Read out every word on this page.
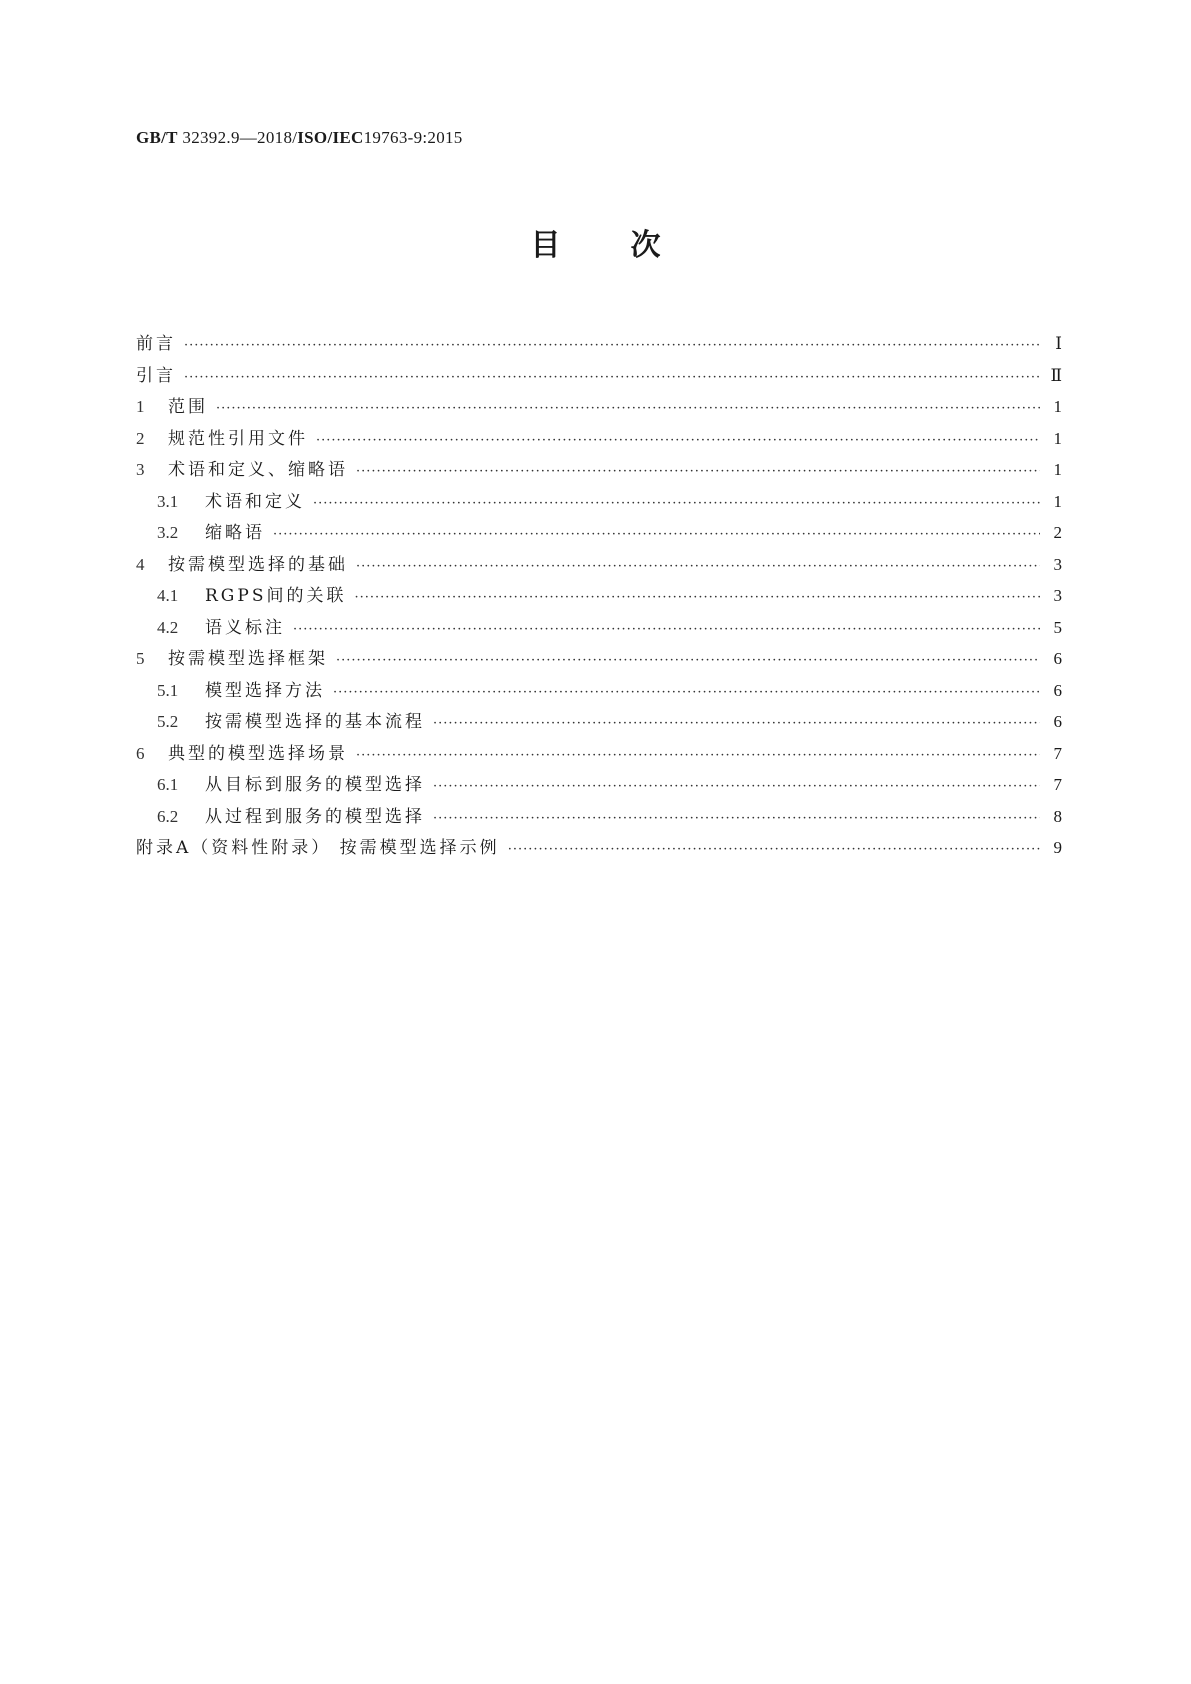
GB/T 32392.9—2018/ISO/IEC19763-9:2015
目 次
前言 ·····	Ⅰ
引言 ·····	Ⅱ
1	范围 ·····	1
2	规范性引用文件 ·····	1
3	术语和定义、缩略语 ·····	1
3.1	术语和定义 ·····	1
3.2	缩略语 ·····	2
4	按需模型选择的基础 ·····	3
4.1	RGPS间的关联 ·····	3
4.2	语义标注 ·····	5
5	按需模型选择框架 ·····	6
5.1	模型选择方法 ·····	6
5.2	按需模型选择的基本流程 ·····	6
6	典型的模型选择场景 ·····	7
6.1	从目标到服务的模型选择 ·····	7
6.2	从过程到服务的模型选择 ·····	8
附录A（资料性附录） 按需模型选择示例 ·····	9
